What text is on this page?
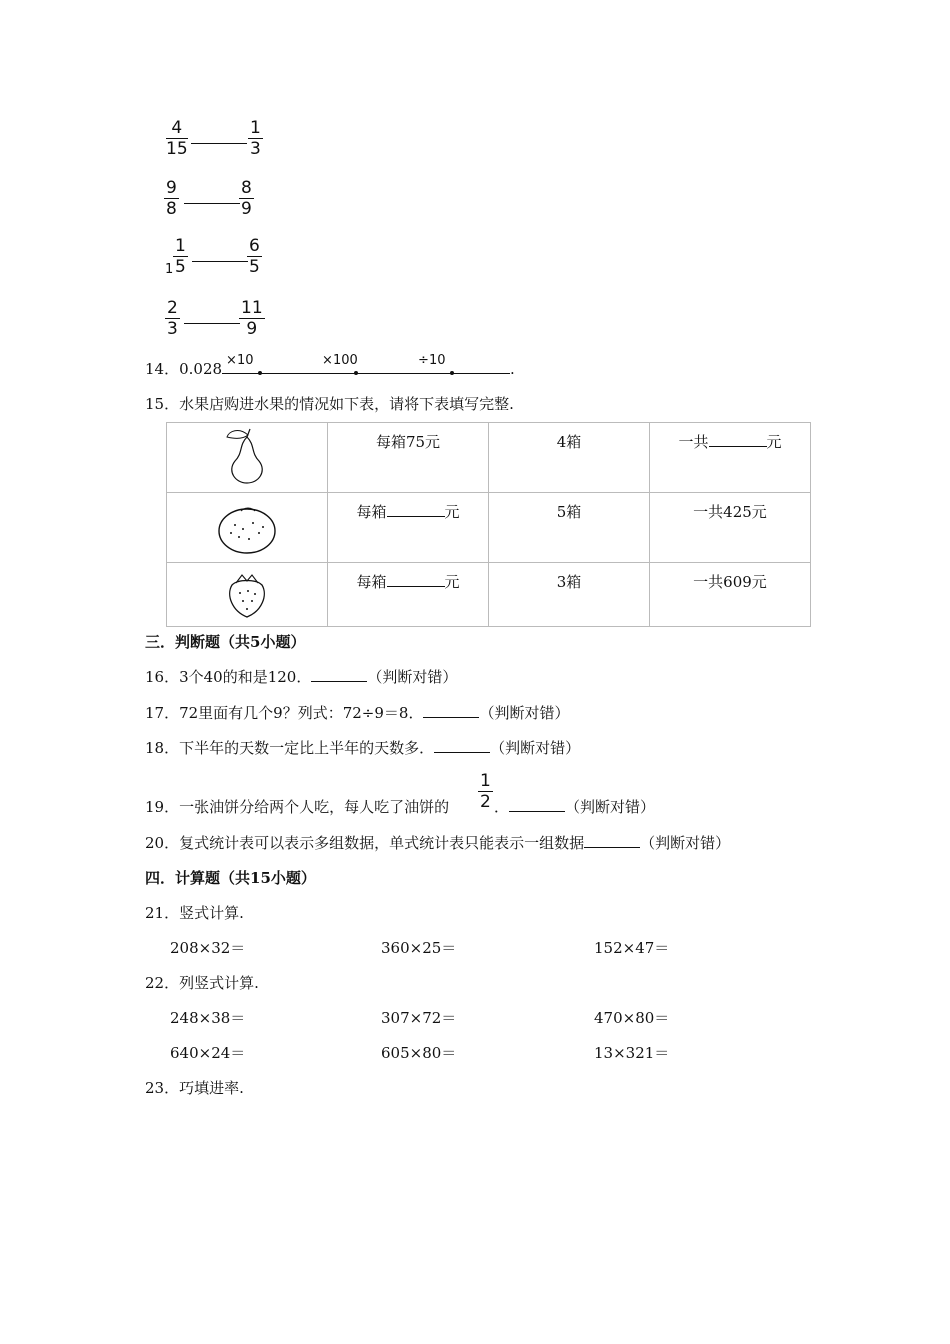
$\frac{4}{15}$	$\frac{1}{3}$
$\frac{9}{8}$	$\frac{8}{9}$
$1 \frac{1}{5}$	$\frac{6}{5}$
$\frac{2}{3}$	$\frac{11}{9}$
14．0.028 ×10	×100	÷10	.
15．水果店购进水果的情况如下表，请将下表填写完整.
	每箱75元	4箱	一共 元
	每箱 元	5箱	一共425元
	每箱 元	3箱	一共609元
三．判断题（共5小题）
16．3个40的和是120．	（判断对错）
17．72里面有几个9？列式：72÷9＝8．	（判断对错）
18．下半年的天数一定比上半年的天数多．	（判断对错）
19．一张油饼分给两个人吃，每人吃了油饼的 $\frac{1}{2}$ ．	（判断对错）
20．复式统计表可以表示多组数据，单式统计表只能表示一组数据	（判断对错）
四．计算题（共15小题）
21．竖式计算.
208×32＝	360×25＝	152×47＝
22．列竖式计算.
248×38＝	307×72＝	470×80＝
640×24＝	605×80＝	13×321＝
23．巧填进率.
